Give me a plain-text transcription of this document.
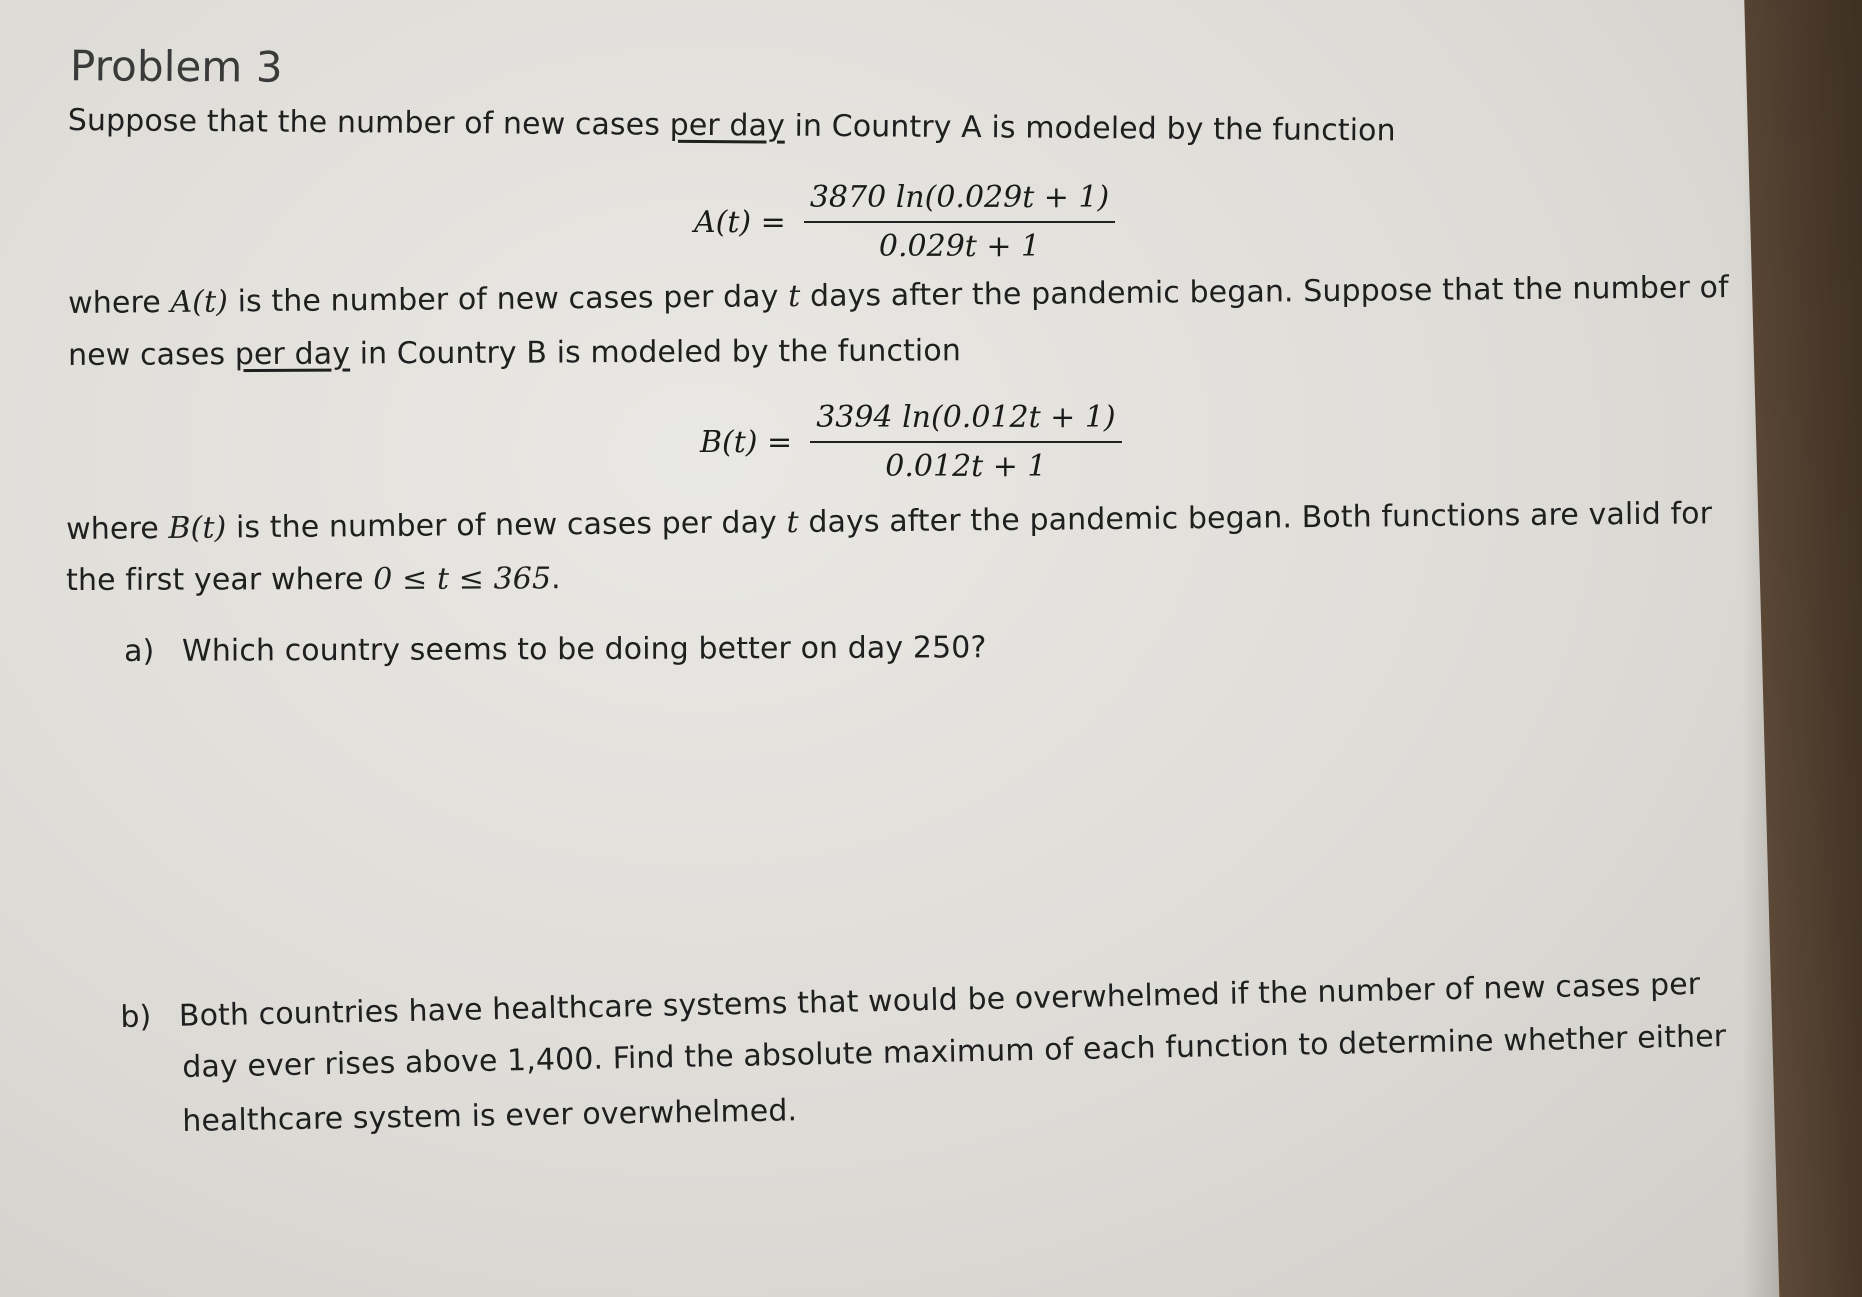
Problem 3
Suppose that the number of new cases per day in Country A is modeled by the function
$A(t) = \frac{3870 \ln(0.029t + 1)}{0.029t + 1}$
where A(t) is the number of new cases per day t days after the pandemic began. Suppose that the number of
new cases per day in Country B is modeled by the function
$B(t) = \frac{3394 \ln(0.012t + 1)}{0.012t + 1}$
where B(t) is the number of new cases per day t days after the pandemic began. Both functions are valid for
the first year where 0 ≤ t ≤ 365.
a) Which country seems to be doing better on day 250?
b) Both countries have healthcare systems that would be overwhelmed if the number of new cases per
day ever rises above 1,400. Find the absolute maximum of each function to determine whether either
healthcare system is ever overwhelmed.
